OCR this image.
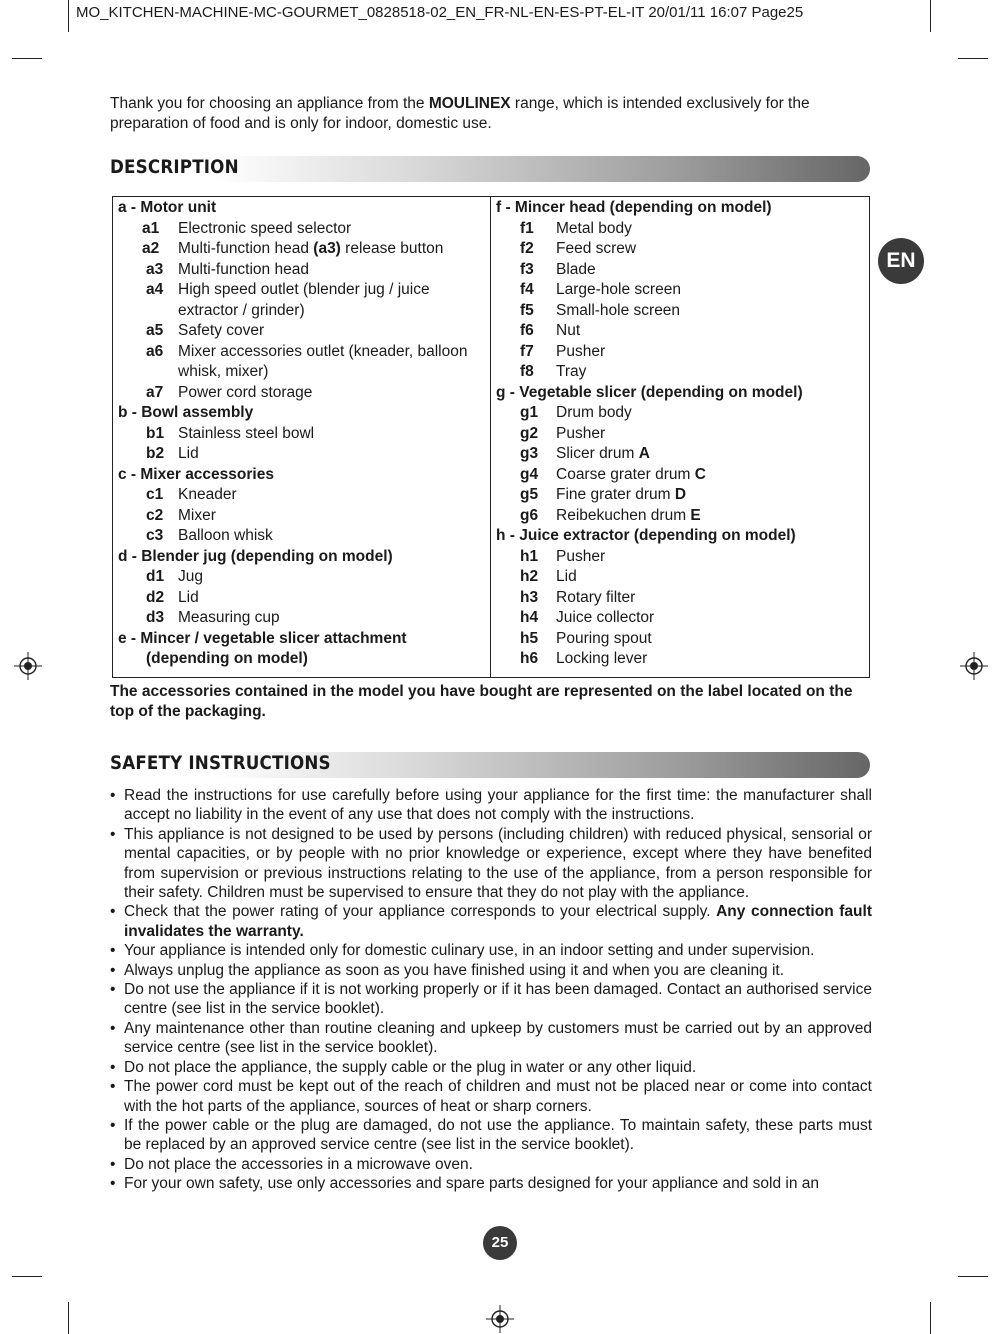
MO_KITCHEN-MACHINE-MC-GOURMET_0828518-02_EN_FR-NL-EN-ES-PT-EL-IT 20/01/11 16:07 Page25
EN
Thank you for choosing an appliance from the MOULINEX range, which is intended exclusively for the preparation of food and is only for indoor, domestic use.
DESCRIPTION
a - Motor unit
a1	Electronic speed selector
a2	Multi-function head (a3) release button
a3 Multi-function head
a4 High speed outlet (blender jug / juice extractor / grinder)
a5 Safety cover
a6 Mixer accessories outlet (kneader, balloon whisk, mixer)
a7 Power cord storage
b - Bowl assembly
b1 Stainless steel bowl
b2 Lid
c - Mixer accessories
c1 Kneader
c2 Mixer
c3 Balloon whisk
d - Blender jug (depending on model)
d1 Jug
d2 Lid
d3 Measuring cup
e - Mincer / vegetable slicer attachment
(depending on model)
f - Mincer head (depending on model)
f1	Metal body
f2	Feed screw
f3	Blade
f4	Large-hole screen
f5	Small-hole screen
f6	Nut
f7	Pusher
f8	Tray
g - Vegetable slicer (depending on model)
g1	Drum body
g2	Pusher
g3	Slicer drum A
g4	Coarse grater drum C
g5	Fine grater drum D
g6	Reibekuchen drum E
h - Juice extractor (depending on model)
h1	Pusher
h2	Lid
h3	Rotary filter
h4	Juice collector
h5	Pouring spout
h6	Locking lever
The accessories contained in the model you have bought are represented on the label located on the top of the packaging.
SAFETY INSTRUCTIONS
• Read the instructions for use carefully before using your appliance for the first time: the manufacturer shall accept no liability in the event of any use that does not comply with the instructions.
• This appliance is not designed to be used by persons (including children) with reduced physical, sensorial or mental capacities, or by people with no prior knowledge or experience, except where they have benefited from supervision or previous instructions relating to the use of the appliance, from a person responsible for their safety. Children must be supervised to ensure that they do not play with the appliance.
• Check that the power rating of your appliance corresponds to your electrical supply. Any connection fault invalidates the warranty.
• Your appliance is intended only for domestic culinary use, in an indoor setting and under supervision.
• Always unplug the appliance as soon as you have finished using it and when you are cleaning it.
• Do not use the appliance if it is not working properly or if it has been damaged. Contact an authorised service centre (see list in the service booklet).
• Any maintenance other than routine cleaning and upkeep by customers must be carried out by an approved service centre (see list in the service booklet).
• Do not place the appliance, the supply cable or the plug in water or any other liquid.
• The power cord must be kept out of the reach of children and must not be placed near or come into contact with the hot parts of the appliance, sources of heat or sharp corners.
• If the power cable or the plug are damaged, do not use the appliance. To maintain safety, these parts must be replaced by an approved service centre (see list in the service booklet).
• Do not place the accessories in a microwave oven.
• For your own safety, use only accessories and spare parts designed for your appliance and sold in an
25
